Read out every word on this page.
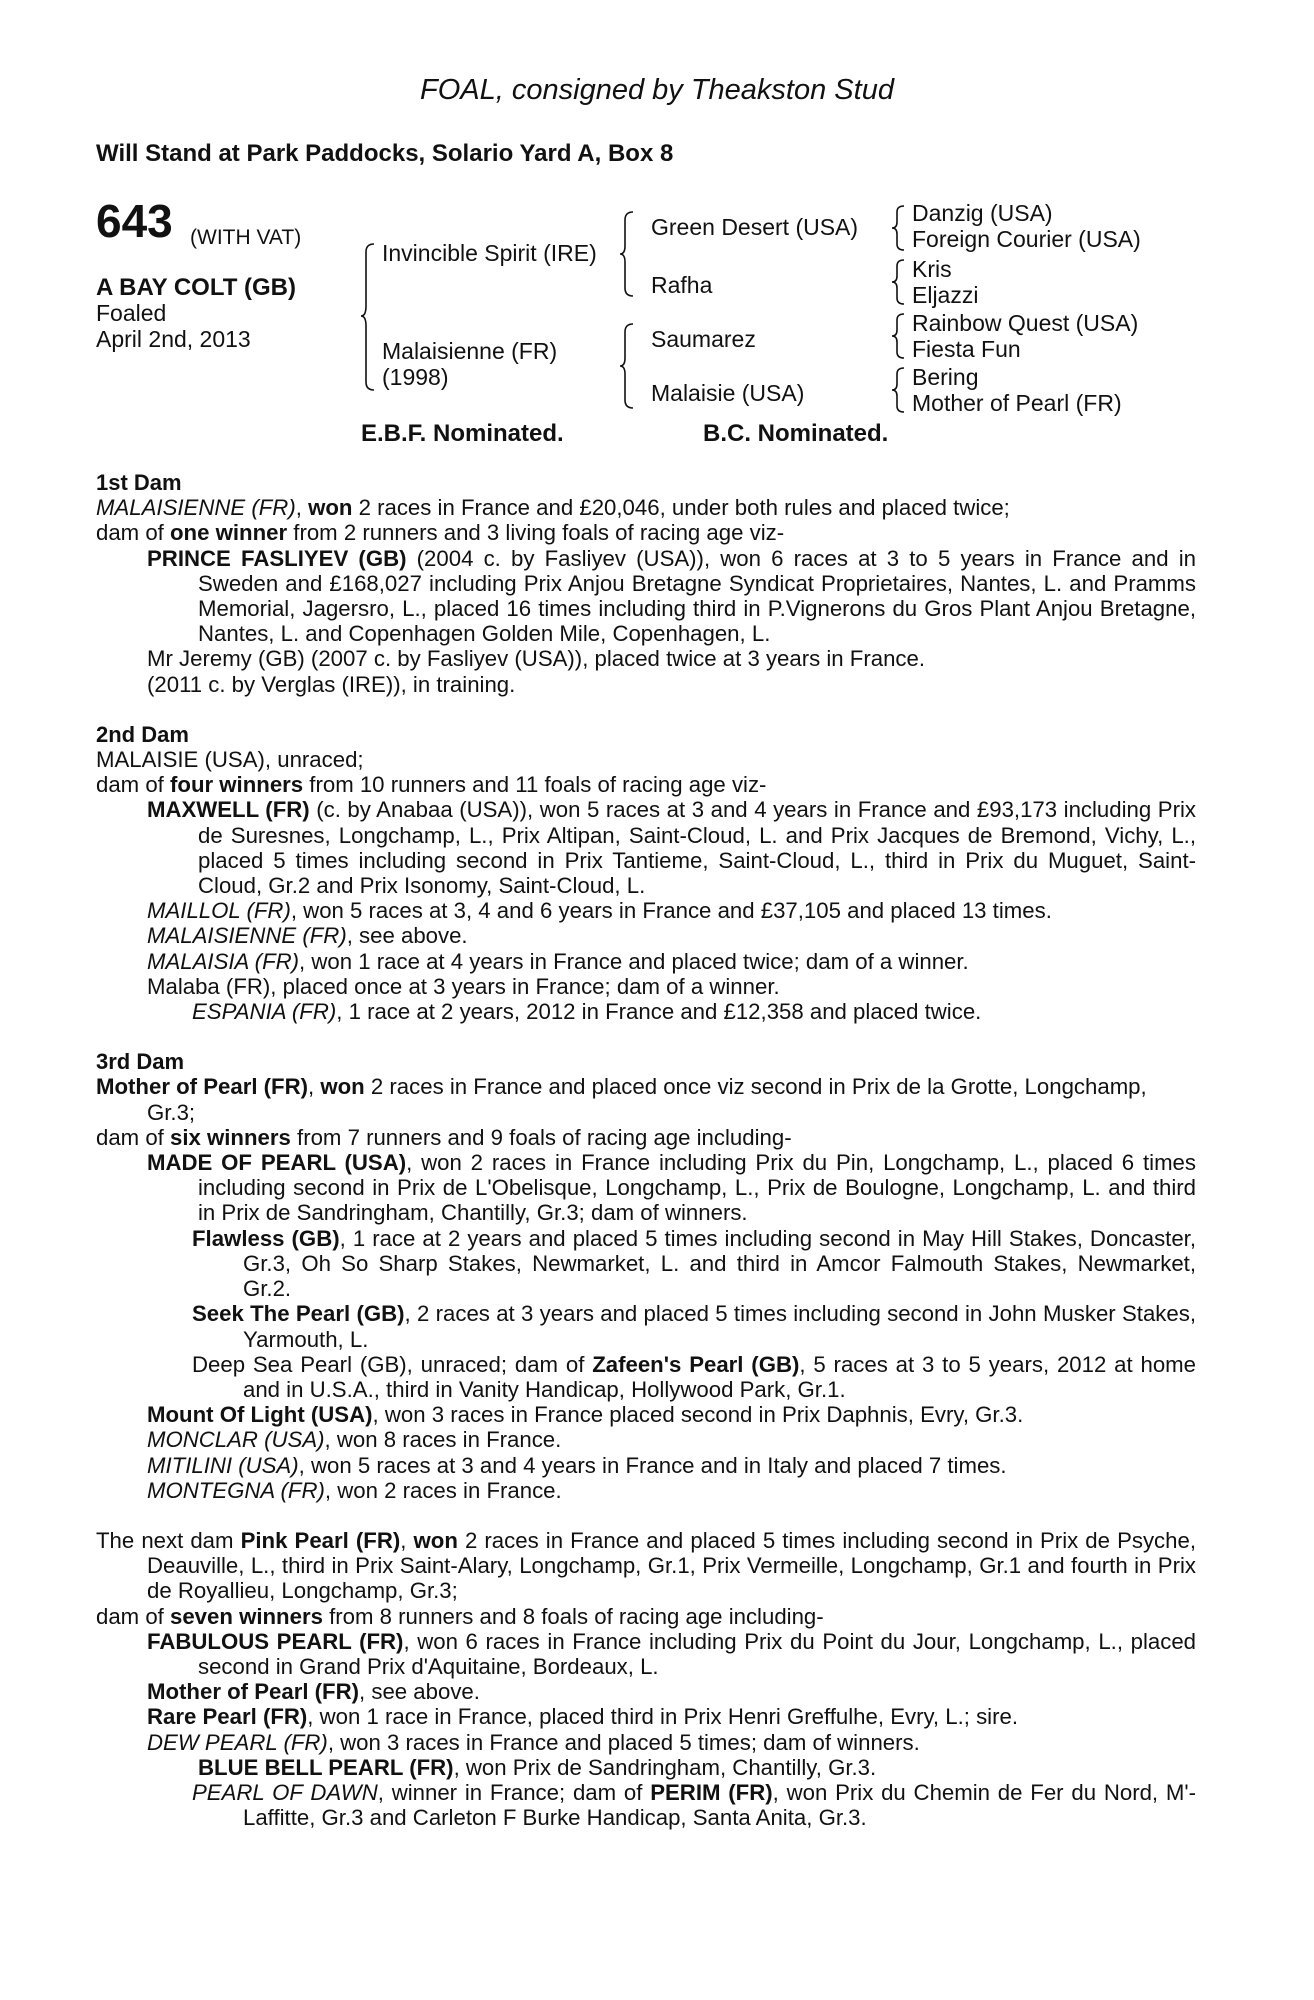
FOAL, consigned by Theakston Stud
Will Stand at Park Paddocks, Solario Yard A, Box 8
643 (WITH VAT)
A BAY COLT (GB)
Foaled
April 2nd, 2013
Invincible Spirit (IRE)
Malaisienne (FR)
(1998)
Green Desert (USA)
Rafha
Saumarez
Malaisie (USA)
Danzig (USA)
Foreign Courier (USA)
Kris
Eljazzi
Rainbow Quest (USA)
Fiesta Fun
Bering
Mother of Pearl (FR)
E.B.F. Nominated.	B.C. Nominated.

1st Dam

MALAISIENNE (FR), won 2 races in France and £20,046, under both rules and placed twice;

dam of one winner from 2 runners and 3 living foals of racing age viz-

PRINCE FASLIYEV (GB) (2004 c. by Fasliyev (USA)), won 6 races at 3 to 5 years in France and in Sweden and £168,027 including Prix Anjou Bretagne Syndicat Proprietaires, Nantes, L. and Pramms Memorial, Jagersro, L., placed 16 times including third in P.Vignerons du Gros Plant Anjou Bretagne, Nantes, L. and Copenhagen Golden Mile, Copenhagen, L.

Mr Jeremy (GB) (2007 c. by Fasliyev (USA)), placed twice at 3 years in France.

(2011 c. by Verglas (IRE)), in training.

2nd Dam

MALAISIE (USA), unraced;

dam of four winners from 10 runners and 11 foals of racing age viz-

MAXWELL (FR) (c. by Anabaa (USA)), won 5 races at 3 and 4 years in France and £93,173 including Prix de Suresnes, Longchamp, L., Prix Altipan, Saint-Cloud, L. and Prix Jacques de Bremond, Vichy, L., placed 5 times including second in Prix Tantieme, Saint-Cloud, L., third in Prix du Muguet, Saint-Cloud, Gr.2 and Prix Isonomy, Saint-Cloud, L.

MAILLOL (FR), won 5 races at 3, 4 and 6 years in France and £37,105 and placed 13 times.

MALAISIENNE (FR), see above.

MALAISIA (FR), won 1 race at 4 years in France and placed twice; dam of a winner.

Malaba (FR), placed once at 3 years in France; dam of a winner.

ESPANIA (FR), 1 race at 2 years, 2012 in France and £12,358 and placed twice.

3rd Dam

Mother of Pearl (FR), won 2 races in France and placed once viz second in Prix de la Grotte, Longchamp, Gr.3;

dam of six winners from 7 runners and 9 foals of racing age including-

MADE OF PEARL (USA), won 2 races in France including Prix du Pin, Longchamp, L., placed 6 times including second in Prix de L'Obelisque, Longchamp, L., Prix de Boulogne, Longchamp, L. and third in Prix de Sandringham, Chantilly, Gr.3; dam of winners.

Flawless (GB), 1 race at 2 years and placed 5 times including second in May Hill Stakes, Doncaster, Gr.3, Oh So Sharp Stakes, Newmarket, L. and third in Amcor Falmouth Stakes, Newmarket, Gr.2.

Seek The Pearl (GB), 2 races at 3 years and placed 5 times including second in John Musker Stakes, Yarmouth, L.

Deep Sea Pearl (GB), unraced; dam of Zafeen's Pearl (GB), 5 races at 3 to 5 years, 2012 at home and in U.S.A., third in Vanity Handicap, Hollywood Park, Gr.1.

Mount Of Light (USA), won 3 races in France placed second in Prix Daphnis, Evry, Gr.3.

MONCLAR (USA), won 8 races in France.

MITILINI (USA), won 5 races at 3 and 4 years in France and in Italy and placed 7 times.

MONTEGNA (FR), won 2 races in France.

The next dam Pink Pearl (FR), won 2 races in France and placed 5 times including second in Prix de Psyche, Deauville, L., third in Prix Saint-Alary, Longchamp, Gr.1, Prix Vermeille, Longchamp, Gr.1 and fourth in Prix de Royallieu, Longchamp, Gr.3;

dam of seven winners from 8 runners and 8 foals of racing age including-

FABULOUS PEARL (FR), won 6 races in France including Prix du Point du Jour, Longchamp, L., placed second in Grand Prix d'Aquitaine, Bordeaux, L.

Mother of Pearl (FR), see above.

Rare Pearl (FR), won 1 race in France, placed third in Prix Henri Greffulhe, Evry, L.; sire.

DEW PEARL (FR), won 3 races in France and placed 5 times; dam of winners.

BLUE BELL PEARL (FR), won Prix de Sandringham, Chantilly, Gr.3.

PEARL OF DAWN, winner in France; dam of PERIM (FR), won Prix du Chemin de Fer du Nord, M'-Laffitte, Gr.3 and Carleton F Burke Handicap, Santa Anita, Gr.3.
